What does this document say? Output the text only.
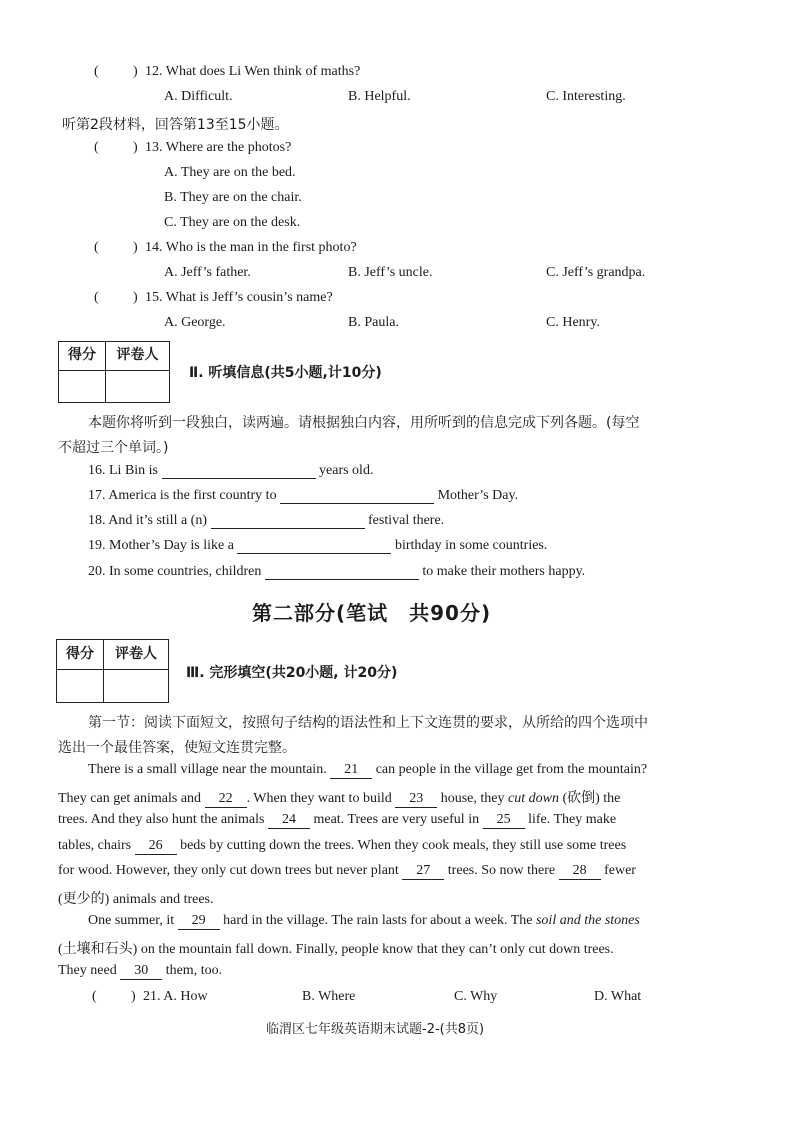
( ) 12. What does Li Wen think of maths?
A. Difficult.	B. Helpful.	C. Interesting.
听第2段材料，回答第13至15小题。
( ) 13. Where are the photos?
A. They are on the bed.
B. They are on the chair.
C. They are on the desk.
( ) 14. Who is the man in the first photo?
A. Jeff’s father.	B. Jeff’s uncle.	C. Jeff’s grandpa.
( ) 15. What is Jeff’s cousin’s name?
A. George.	B. Paula.	C. Henry.
得分	评卷人
Ⅱ. 听填信息(共5小题,计10分)
本题你将听到一段独白，读两遍。请根据独白内容，用所听到的信息完成下列各题。(每空
不超过三个单词。)
16. Li Bin is	years old.
17. America is the first country to	Mother’s Day.
18. And it’s still a (n)	festival there.
19. Mother’s Day is like a	birthday in some countries.
20. In some countries, children	to make their mothers happy.
第二部分(笔试　共90分)
得分	评卷人
Ⅲ. 完形填空(共20小题, 计20分)
第一节：阅读下面短文，按照句子结构的语法性和上下文连贯的要求，从所给的四个选项中
选出一个最佳答案，使短文连贯完整。
There is a small village near the mountain. 21 can people in the village get from the mountain?
They can get animals and 22 . When they want to build 23 house, they cut down (砍倒) the
trees. And they also hunt the animals 24 meat. Trees are very useful in 25 life. They make
tables, chairs 26 beds by cutting down the trees. When they cook meals, they still use some trees
for wood. However, they only cut down trees but never plant 27 trees. So now there 28 fewer
(更少的) animals and trees.
One summer, it 29 hard in the village. The rain lasts for about a week. The soil and the stones
(土壤和石头) on the mountain fall down. Finally, people know that they can’t only cut down trees.
They need 30 them, too.
( ) 21. A. How	B. Where	C. Why	D. What
临渭区七年级英语期末试题-2-(共8页)
